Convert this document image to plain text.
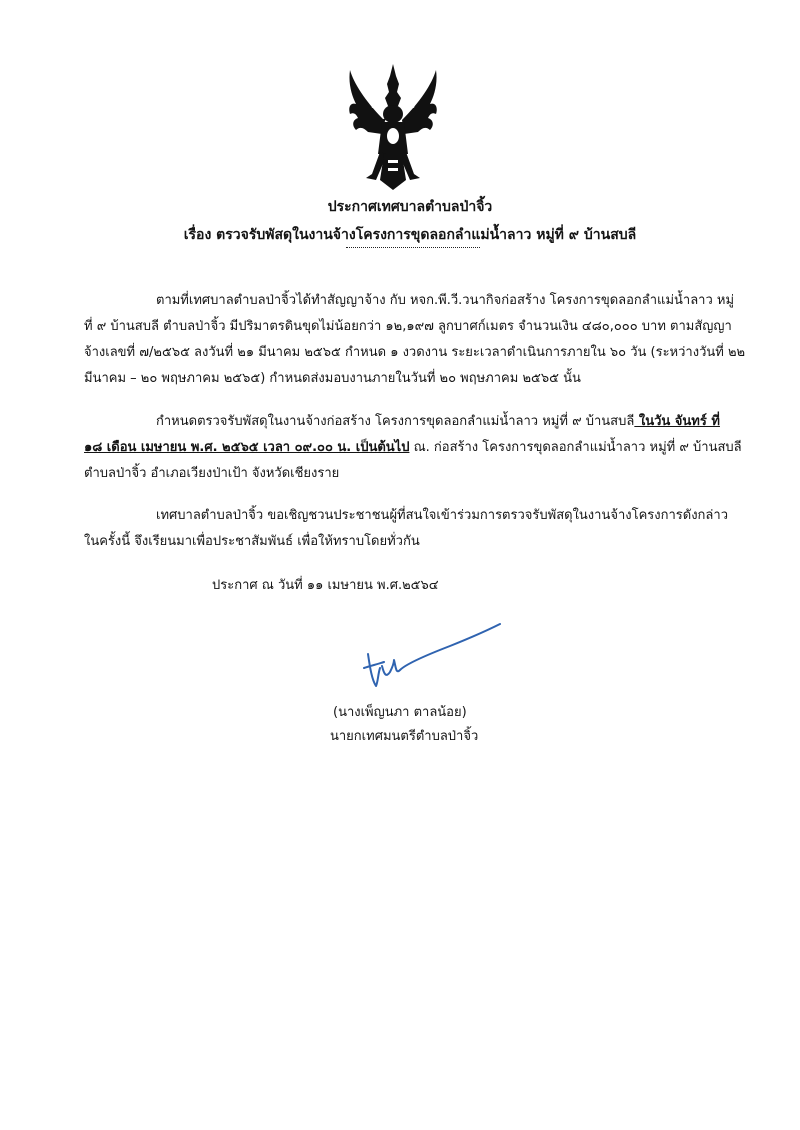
ประกาศเทศบาลตำบลป่าจิ้ว
เรื่อง ตรวจรับพัสดุในงานจ้างโครงการขุดลอกลำแม่น้ำลาว หมู่ที่ ๙ บ้านสบลี
ตามที่เทศบาลตำบลป่าจิ้วได้ทำสัญญาจ้าง กับ หจก.พี.วี.วนากิจก่อสร้าง โครงการขุดลอกลำแม่น้ำลาว หมู่
ที่ ๙ บ้านสบลี ตำบลป่าจิ้ว มีปริมาตรดินขุดไม่น้อยกว่า ๑๒,๑๙๗ ลูกบาศก์เมตร จำนวนเงิน ๔๘๐,๐๐๐ บาท ตามสัญญา
จ้างเลขที่ ๗/๒๕๖๕ ลงวันที่ ๒๑ มีนาคม ๒๕๖๕ กำหนด ๑ งวดงาน ระยะเวลาดำเนินการภายใน ๖๐ วัน (ระหว่างวันที่ ๒๒
มีนาคม – ๒๐ พฤษภาคม ๒๕๖๕) กำหนดส่งมอบงานภายในวันที่ ๒๐ พฤษภาคม ๒๕๖๕ นั้น
กำหนดตรวจรับพัสดุในงานจ้างก่อสร้าง โครงการขุดลอกลำแม่น้ำลาว หมู่ที่ ๙ บ้านสบลี ในวัน จันทร์ ที่
๑๘ เดือน เมษายน พ.ศ. ๒๕๖๕ เวลา ๐๙.๐๐ น. เป็นต้นไป ณ. ก่อสร้าง โครงการขุดลอกลำแม่น้ำลาว หมู่ที่ ๙ บ้านสบลี
ตำบลป่าจิ้ว อำเภอเวียงป่าเป้า จังหวัดเชียงราย
เทศบาลตำบลป่าจิ้ว ขอเชิญชวนประชาชนผู้ที่สนใจเข้าร่วมการตรวจรับพัสดุในงานจ้างโครงการดังกล่าว
ในครั้งนี้ จึงเรียนมาเพื่อประชาสัมพันธ์ เพื่อให้ทราบโดยทั่วกัน
ประกาศ ณ วันที่ ๑๑ เมษายน พ.ศ.๒๕๖๔
(นางเพ็ญนภา ตาลน้อย)
นายกเทศมนตรีตำบลป่าจิ้ว
